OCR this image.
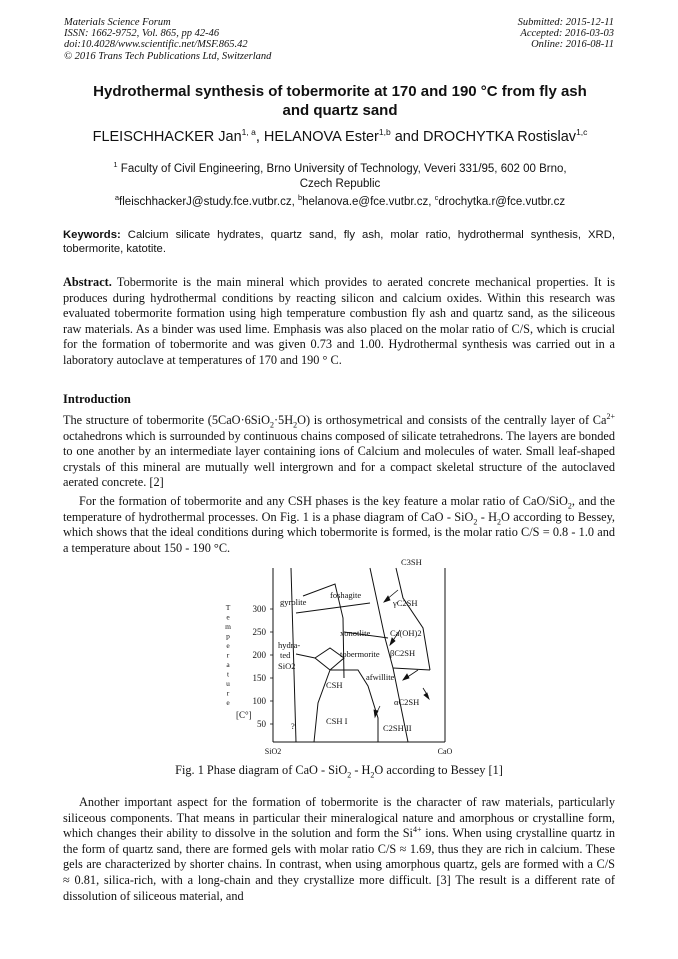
Materials Science Forum
ISSN: 1662-9752, Vol. 865, pp 42-46
doi:10.4028/www.scientific.net/MSF.865.42
© 2016 Trans Tech Publications Ltd, Switzerland
Submitted: 2015-12-11
Accepted: 2016-03-03
Online: 2016-08-11
Hydrothermal synthesis of tobermorite at 170 and 190 °C from fly ash
and quartz sand
FLEISCHHACKER Jan$^{1, a}$, HELANOVA Ester$^{1,b}$ and DROCHYTKA Rostislav$^{1,c}$
$^1$ Faculty of Civil Engineering, Brno University of Technology, Veveri 331/95, 602 00 Brno,
Czech Republic
$^a$fleischhackerJ@study.fce.vutbr.cz, $^b$helanova.e@fce.vutbr.cz, $^c$drochytka.r@fce.vutbr.cz
Keywords: Calcium silicate hydrates, quartz sand, fly ash, molar ratio, hydrothermal synthesis, XRD, tobermorite, katotite.
Abstract. Tobermorite is the main mineral which provides to aerated concrete mechanical properties. It is produces during hydrothermal conditions by reacting silicon and calcium oxides. Within this research was evaluated tobermorite formation using high temperature combustion fly ash and quartz sand, as the siliceous raw materials. As a binder was used lime. Emphasis was also placed on the molar ratio of C/S, which is crucial for the formation of tobermorite and was given 0.73 and 1.00. Hydrothermal synthesis was carried out in a laboratory autoclave at temperatures of 170 and 190 ° C.
Introduction
The structure of tobermorite $(5CaO\cdot 6SiO_2\cdot 5H_2O)$ is orthosymetrical and consists of the centrally layer of $Ca^{2+}$ octahedrons which is surrounded by continuous chains composed of silicate tetrahedrons. The layers are bonded to one another by an intermediate layer containing ions of Calcium and molecules of water. Small leaf-shaped crystals of this mineral are mutually well intergrown and for a compact skeletal structure of the autoclaved aerated concrete. [2]
For the formation of tobermorite and any CSH phases is the key feature a molar ratio of CaO/SiO$_2$, and the temperature of hydrothermal processes. On Fig. 1 is a phase diagram of CaO - $SiO_2 - H_2O$ according to Bessey, which shows that the ideal conditions during which tobermorite is formed, is the molar ratio C/S = 0.8 - 1.0 and a temperature about 150 - 190 °C.
T
e
m
p
e
r
a
t
u
r
e
[C°]
300
250
200
150
100
50
C3SH
foshagite
gyrolite	γC2SH
xonotlite Ca(OH)2
hydra-
ted
SiO2
tobermorite βC2SH
afwillite
CSH
αC2SH
?	CSH I
C2SH II
SiO2	CaO
Fig. 1 Phase diagram of CaO - $SiO_2 - H_2O$ according to Bessey [1]
Another important aspect for the formation of tobermorite is the character of raw materials, particularly siliceous components. That means in particular their mineralogical nature and amorphous or crystalline form, which changes their ability to dissolve in the solution and form the $Si^{4+}$ ions. When using crystalline quartz in the form of quartz sand, there are formed gels with molar ratio C/S ≈ 1.69, thus they are rich in calcium. These gels are characterized by shorter chains. In contrast, when using amorphous quartz, gels are formed with a C/S ≈ 0.81, silica-rich, with a long-chain and they crystallize more difficult. [3] The result is a different rate of dissolution of siliceous material, and
